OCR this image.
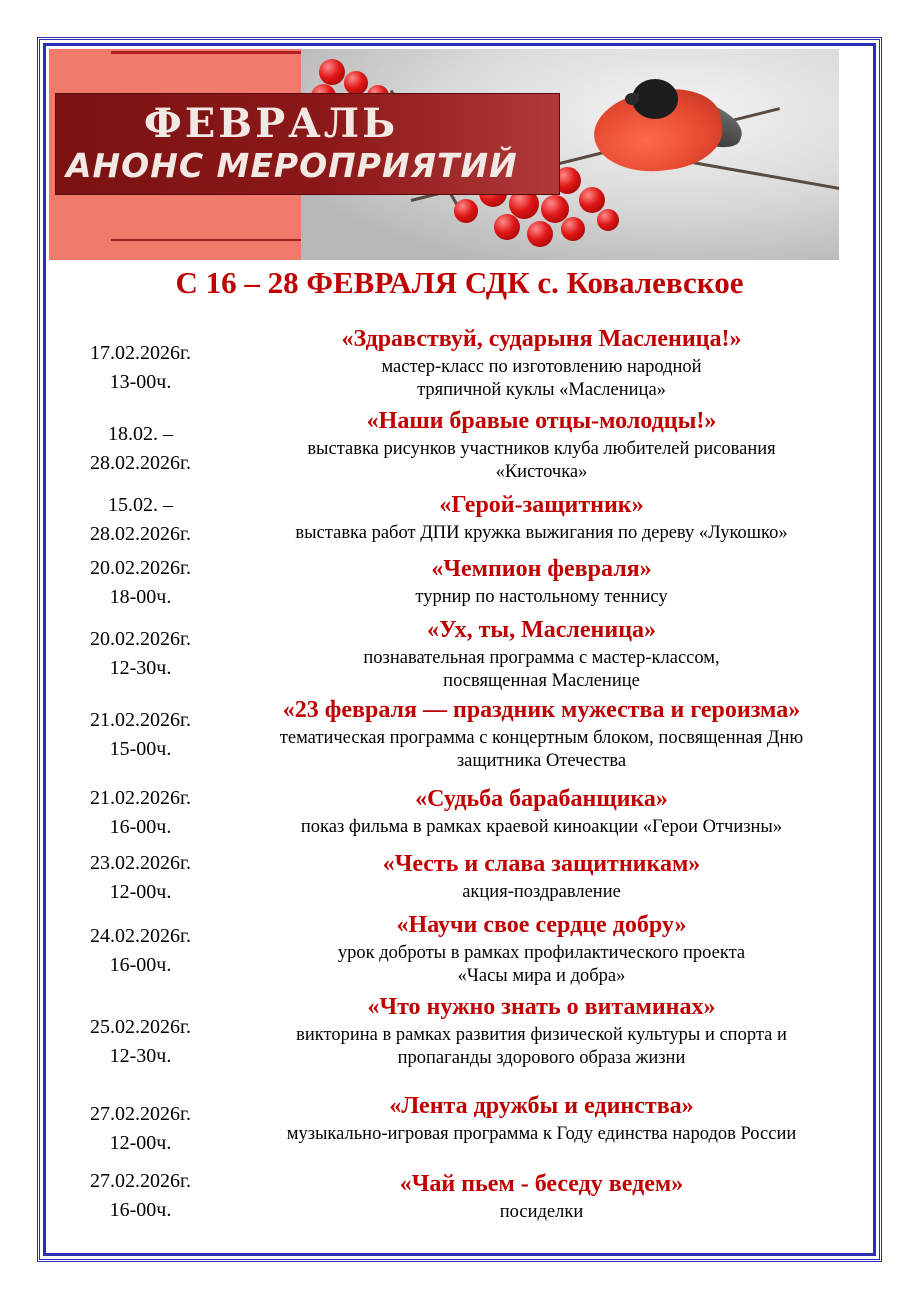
ФЕВРАЛЬ
АНОНС МЕРОПРИЯТИЙ
С 16 – 28 ФЕВРАЛЯ СДК с. Ковалевское
17.02.2026г.
13-00ч.
«Здравствуй, сударыня Масленица!»
мастер-класс по изготовлению народной
тряпичной куклы «Масленица»
18.02. –
28.02.2026г.
«Наши бравые отцы-молодцы!»
выставка рисунков участников клуба любителей рисования
«Кисточка»
15.02. –
28.02.2026г.
«Герой-защитник»
выставка работ ДПИ кружка выжигания по дереву «Лукошко»
20.02.2026г.
18-00ч.
«Чемпион февраля»
турнир по настольному теннису
20.02.2026г.
12-30ч.
«Ух, ты, Масленица»
познавательная программа с мастер-классом,
посвященная Масленице
21.02.2026г.
15-00ч.
«23 февраля — праздник мужества и героизма»
тематическая программа с концертным блоком, посвященная Дню
защитника Отечества
21.02.2026г.
16-00ч.
«Судьба барабанщика»
показ фильма в рамках краевой киноакции «Герои Отчизны»
23.02.2026г.
12-00ч.
«Честь и слава защитникам»
акция-поздравление
24.02.2026г.
16-00ч.
«Научи свое сердце добру»
урок доброты в рамках профилактического проекта
«Часы мира и добра»
25.02.2026г.
12-30ч.
«Что нужно знать о витаминах»
викторина в рамках развития физической культуры и спорта и
пропаганды здорового образа жизни
27.02.2026г.
12-00ч.
«Лента дружбы и единства»
музыкально-игровая программа к Году единства народов России
27.02.2026г.
16-00ч.
«Чай пьем - беседу ведем»
посиделки
